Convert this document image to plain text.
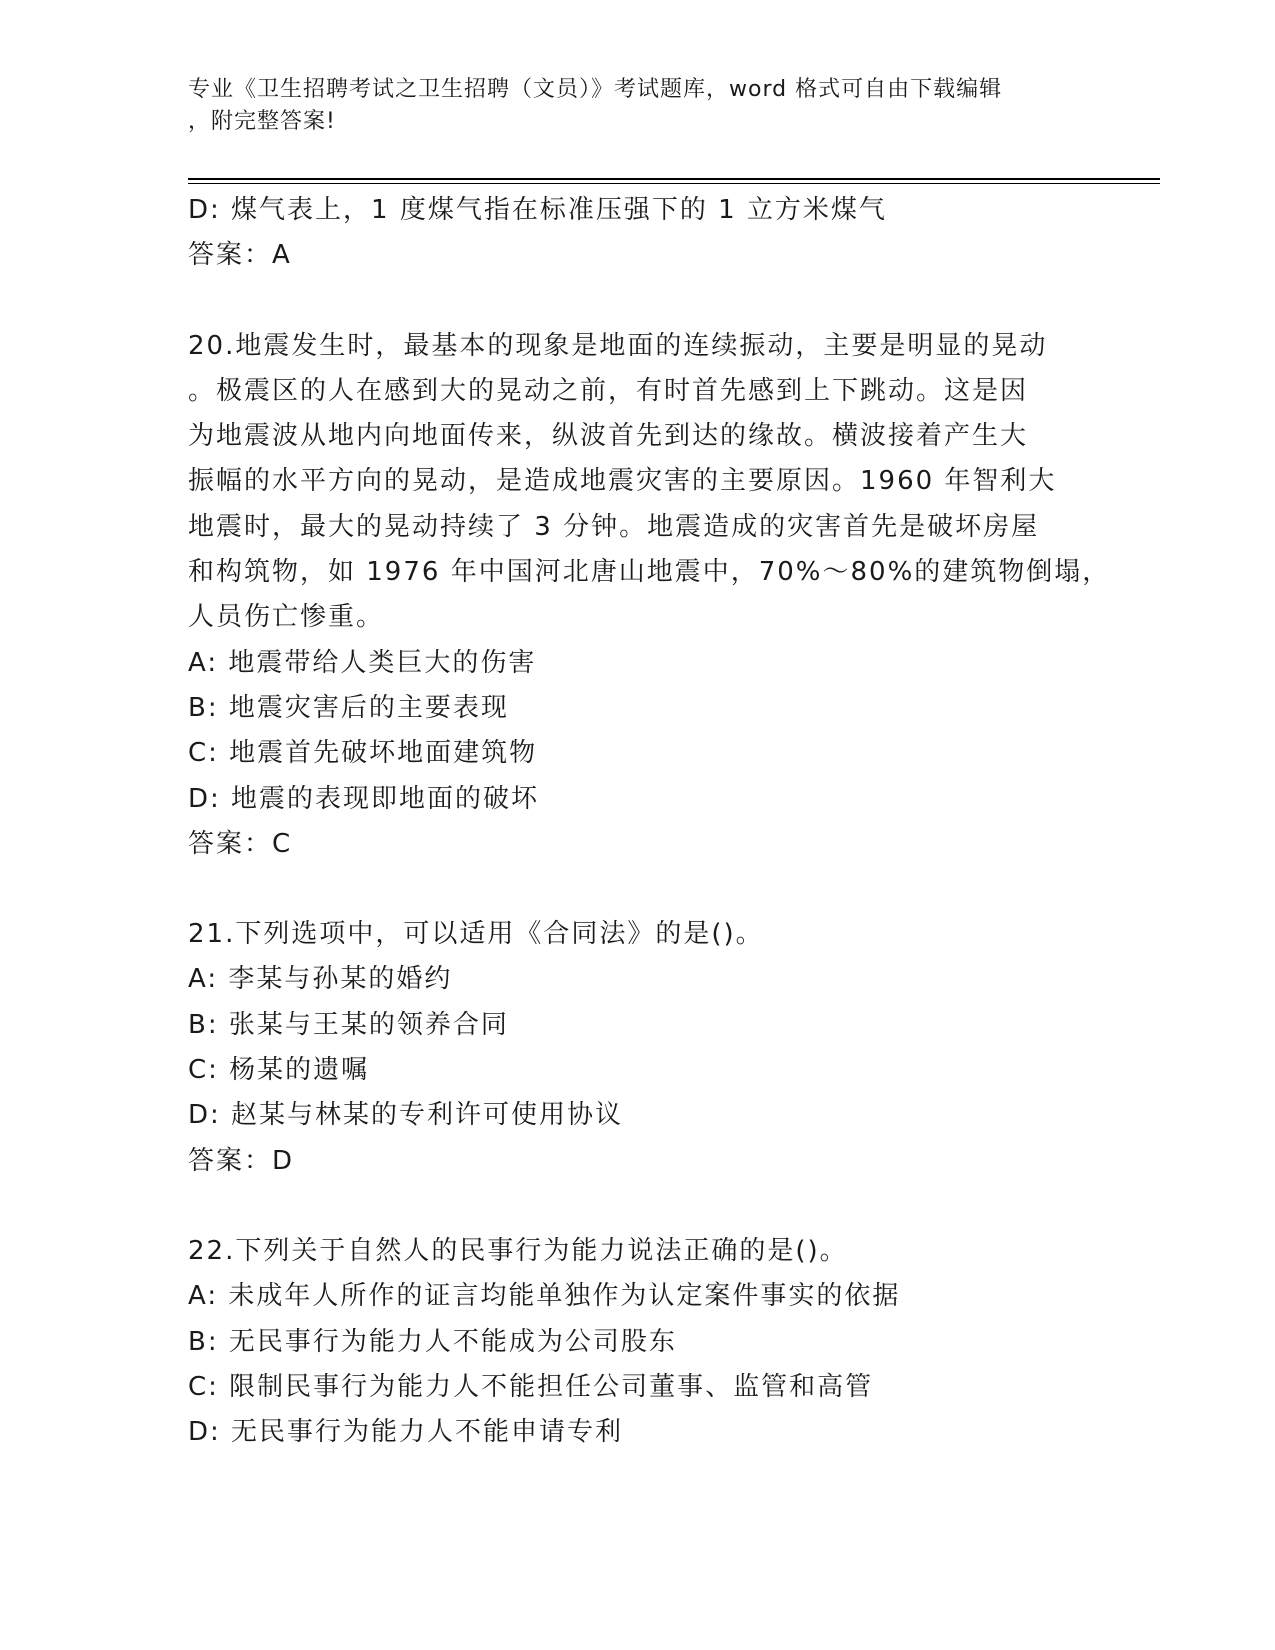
专业《卫生招聘考试之卫生招聘（文员）》考试题库，word 格式可自由下载编辑
，附完整答案!
D: 煤气表上，1 度煤气指在标准压强下的 1 立方米煤气
答案：A
20.地震发生时，最基本的现象是地面的连续振动，主要是明显的晃动
。极震区的人在感到大的晃动之前，有时首先感到上下跳动。这是因
为地震波从地内向地面传来，纵波首先到达的缘故。横波接着产生大
振幅的水平方向的晃动，是造成地震灾害的主要原因。1960 年智利大
地震时，最大的晃动持续了 3 分钟。地震造成的灾害首先是破坏房屋
和构筑物，如 1976 年中国河北唐山地震中，70%～80%的建筑物倒塌，
人员伤亡惨重。
A: 地震带给人类巨大的伤害
B: 地震灾害后的主要表现
C: 地震首先破坏地面建筑物
D: 地震的表现即地面的破坏
答案：C
21.下列选项中，可以适用《合同法》的是()。
A: 李某与孙某的婚约
B: 张某与王某的领养合同
C: 杨某的遗嘱
D: 赵某与林某的专利许可使用协议
答案：D
22.下列关于自然人的民事行为能力说法正确的是()。
A: 未成年人所作的证言均能单独作为认定案件事实的依据
B: 无民事行为能力人不能成为公司股东
C: 限制民事行为能力人不能担任公司董事、监管和高管
D: 无民事行为能力人不能申请专利
